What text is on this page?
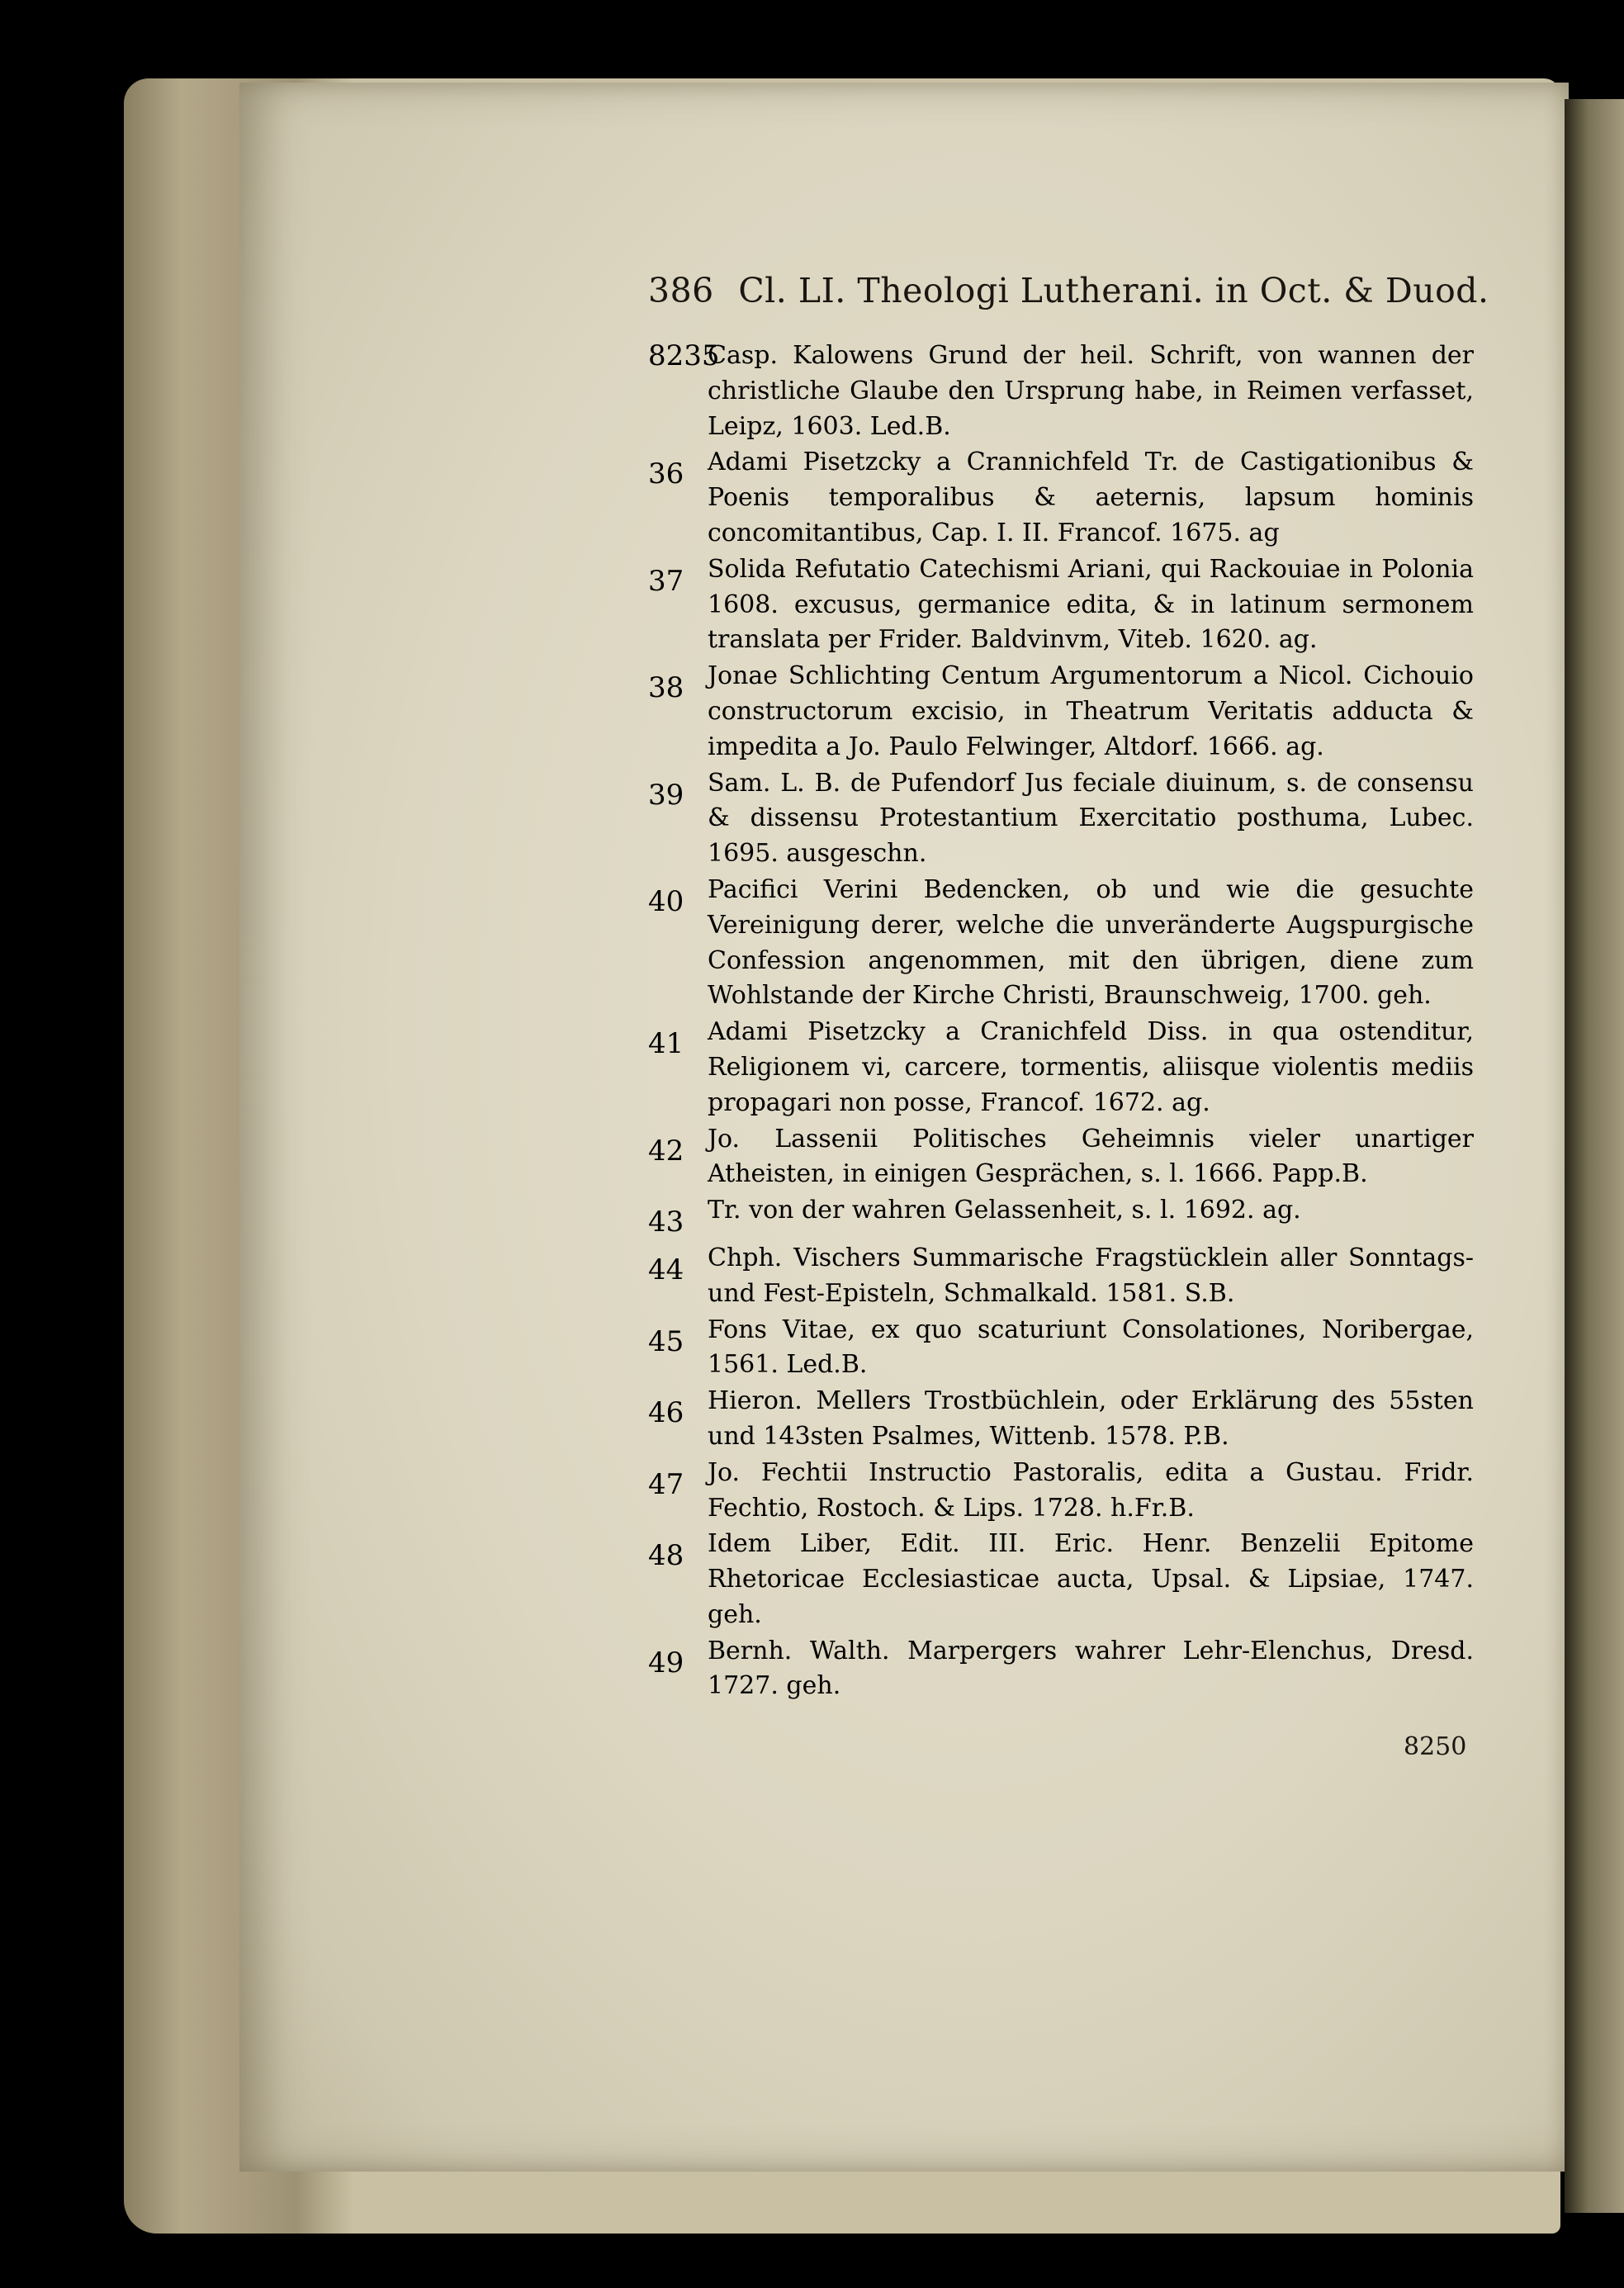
386 Cl. LI. Theologi Lutherani. in Oct. & Duod.
8235
Casp. Kalowens Grund der heil. Schrift, von wannen der christliche Glaube den Ursprung habe, in Reimen verfasset, Leipz, 1603. Led.B.
36 Adami Pisetzcky a Crannichfeld Tr. de Castigationibus & Poenis temporalibus & aeternis, lapsum hominis concomitantibus, Cap. I. II. Francof. 1675. ag
37 Solida Refutatio Catechismi Ariani, qui Rackouiae in Polonia 1608. excusus, germanice edita, & in latinum sermonem translata per Frider. Baldvinvm, Viteb. 1620. ag.
38 Jonae Schlichting Centum Argumentorum a Nicol. Cichouio constructorum excisio, in Theatrum Veritatis adducta & impedita a Jo. Paulo Felwinger, Altdorf. 1666. ag.
39 Sam. L. B. de Pufendorf Jus feciale diuinum, s. de consensu & dissensu Protestantium Exercitatio posthuma, Lubec. 1695. ausgeschn.
40 Pacifici Verini Bedencken, ob und wie die gesuchte Vereinigung derer, welche die unveränderte Augspurgische Confession angenommen, mit den übrigen, diene zum Wohlstande der Kirche Christi, Braunschweig, 1700. geh.
41 Adami Pisetzcky a Cranichfeld Diss. in qua ostenditur, Religionem vi, carcere, tormentis, aliisque violentis mediis propagari non posse, Francof. 1672. ag.
42 Jo. Lassenii Politisches Geheimnis vieler unartiger Atheisten, in einigen Gesprächen, s. l. 1666. Papp.B.
43 Tr. von der wahren Gelassenheit, s. l. 1692. ag.
44 Chph. Vischers Summarische Fragstücklein aller Sonntags- und Fest-Episteln, Schmalkald. 1581. S.B.
45 Fons Vitae, ex quo scaturiunt Consolationes, Noribergae, 1561. Led.B.
46 Hieron. Mellers Trostbüchlein, oder Erklärung des 55sten und 143sten Psalmes, Wittenb. 1578. P.B.
47 Jo. Fechtii Instructio Pastoralis, edita a Gustau. Fridr. Fechtio, Rostoch. & Lips. 1728. h.Fr.B.
48 Idem Liber, Edit. III. Eric. Henr. Benzelii Epitome Rhetoricae Ecclesiasticae aucta, Upsal. & Lipsiae, 1747. geh.
49 Bernh. Walth. Marpergers wahrer Lehr-Elenchus, Dresd. 1727. geh.
8250
